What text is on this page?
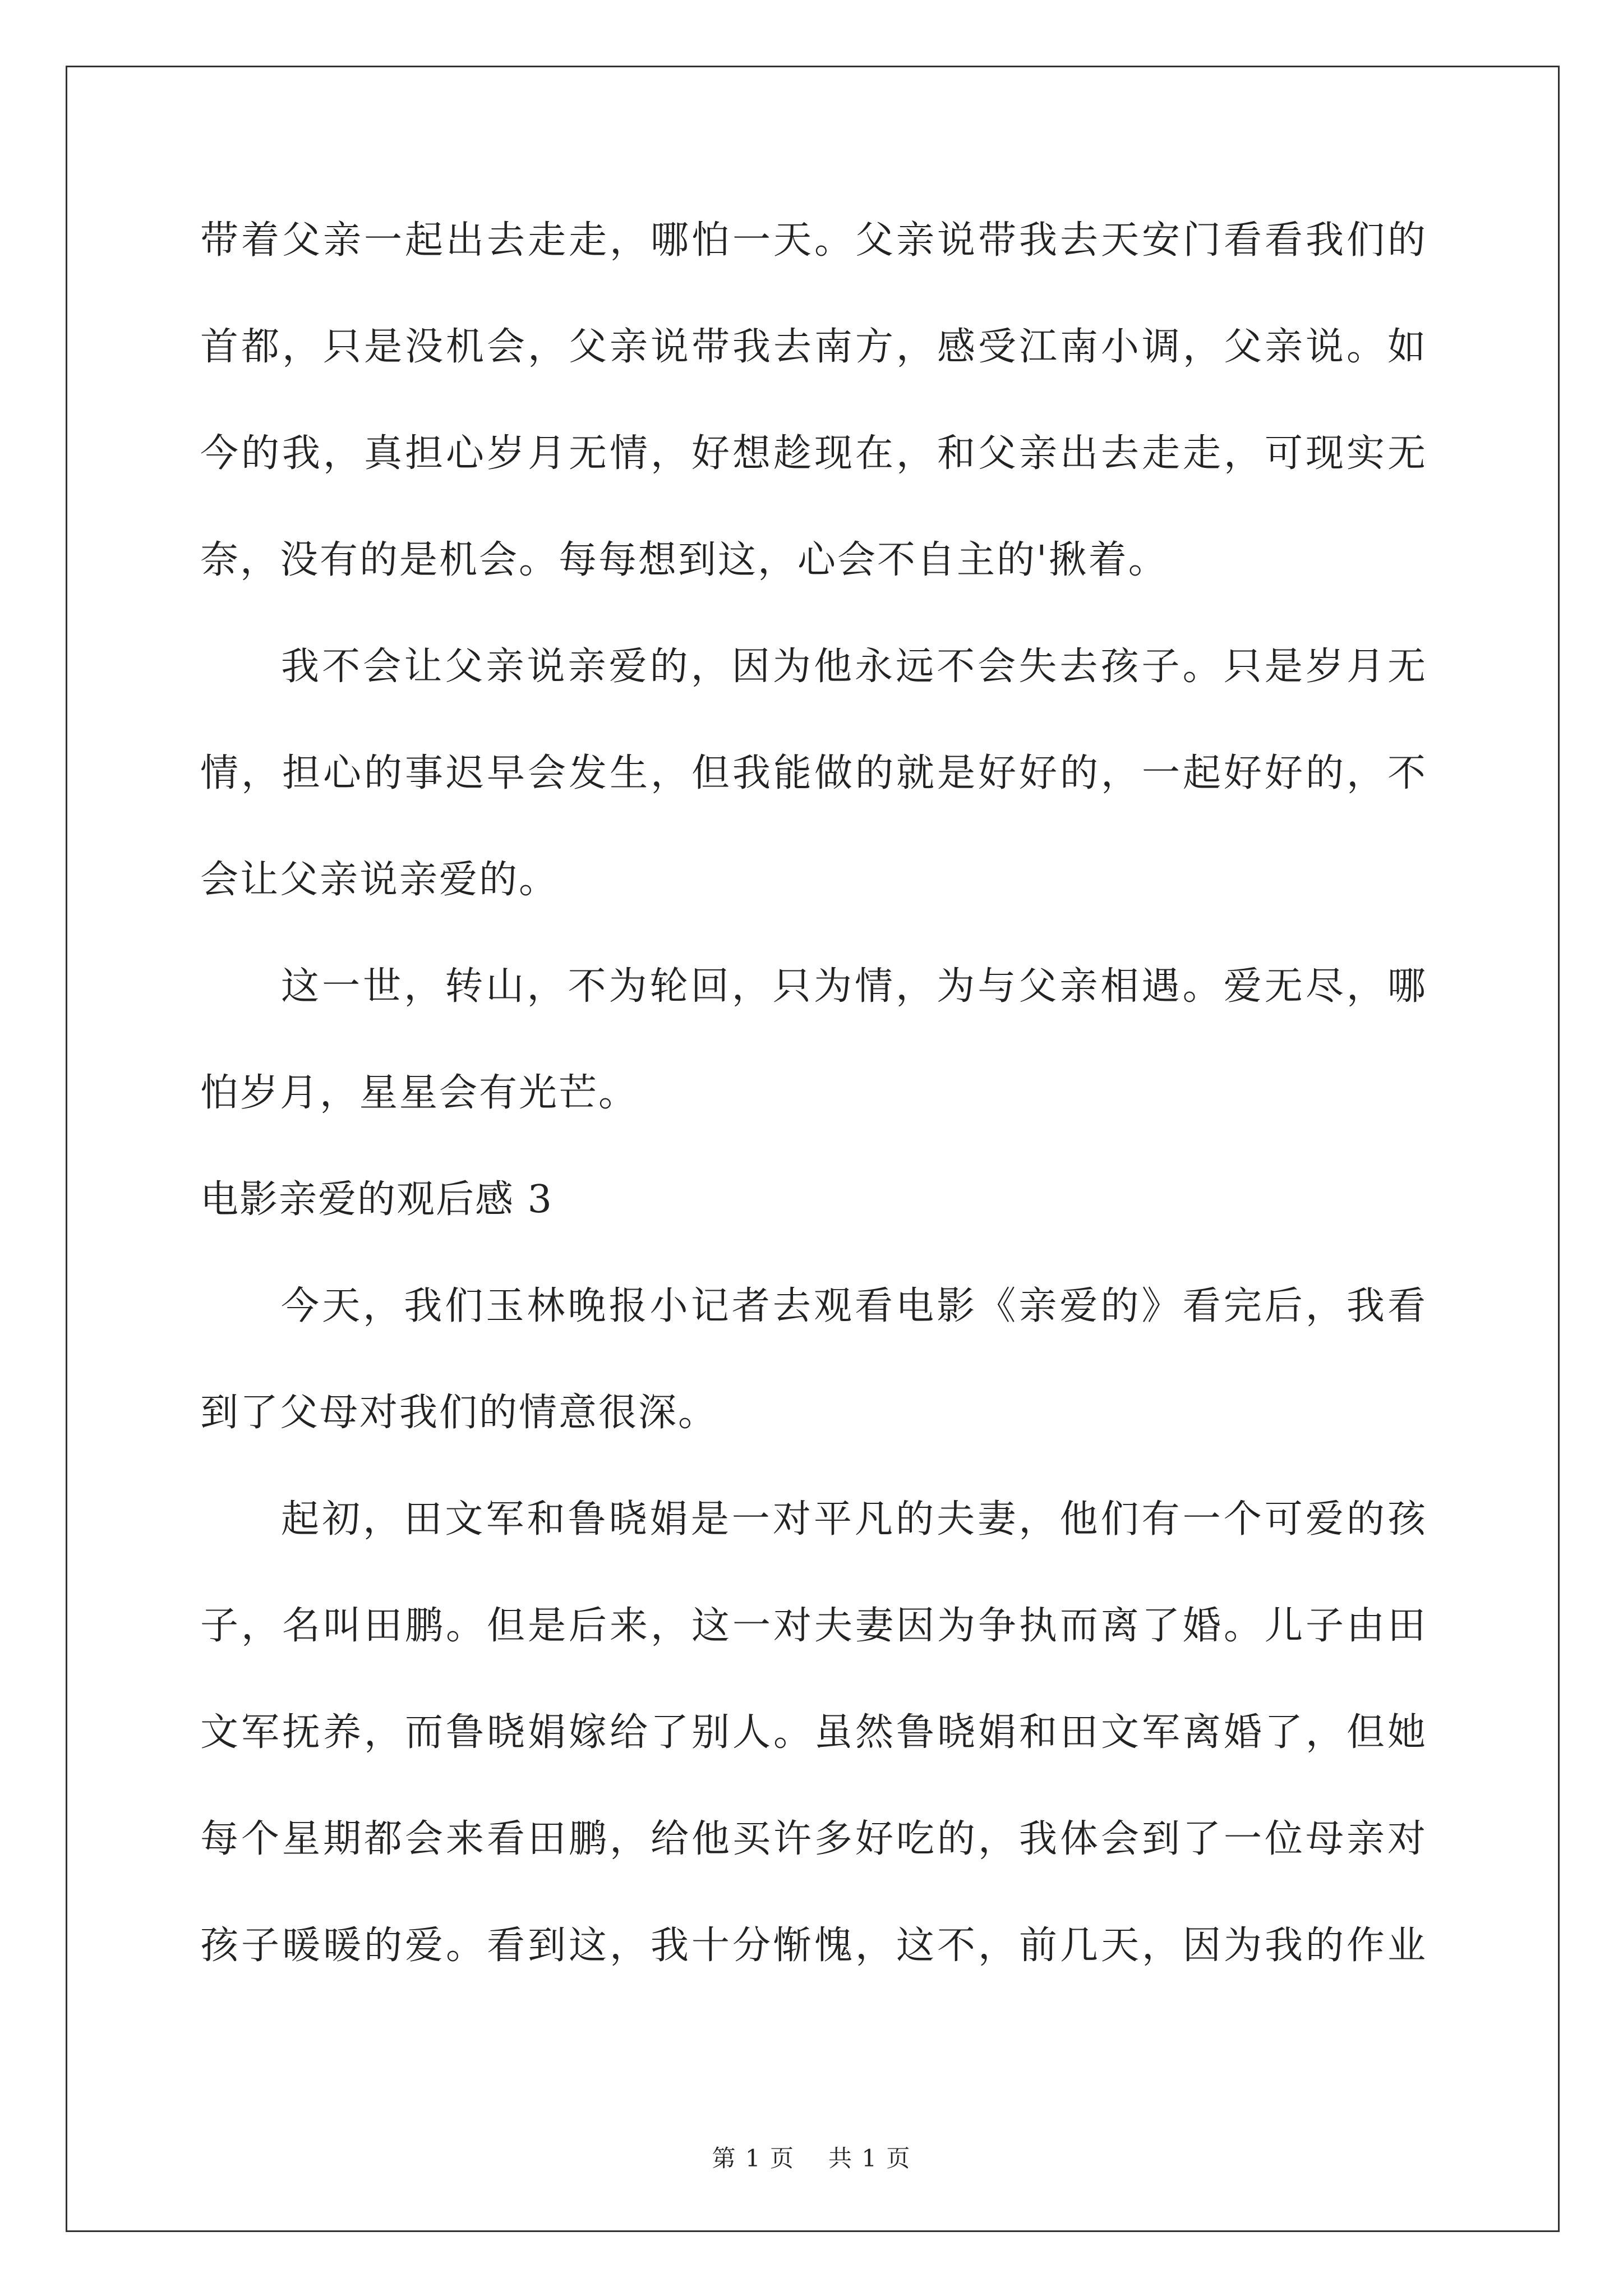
带着父亲一起出去走走，哪怕一天。父亲说带我去天安门看看我们的
首都，只是没机会，父亲说带我去南方，感受江南小调，父亲说。如
今的我，真担心岁月无情，好想趁现在，和父亲出去走走，可现实无
奈，没有的是机会。每每想到这，心会不自主的'揪着。
我不会让父亲说亲爱的，因为他永远不会失去孩子。只是岁月无
情，担心的事迟早会发生，但我能做的就是好好的，一起好好的，不
会让父亲说亲爱的。
这一世，转山，不为轮回，只为情，为与父亲相遇。爱无尽，哪
怕岁月，星星会有光芒。
电影亲爱的观后感 3
今天，我们玉林晚报小记者去观看电影《亲爱的》看完后，我看
到了父母对我们的情意很深。
起初，田文军和鲁晓娟是一对平凡的夫妻，他们有一个可爱的孩
子，名叫田鹏。但是后来，这一对夫妻因为争执而离了婚。儿子由田
文军抚养，而鲁晓娟嫁给了别人。虽然鲁晓娟和田文军离婚了，但她
每个星期都会来看田鹏，给他买许多好吃的，我体会到了一位母亲对
孩子暖暖的爱。看到这，我十分惭愧，这不，前几天，因为我的作业
第 1 页 共 1 页
